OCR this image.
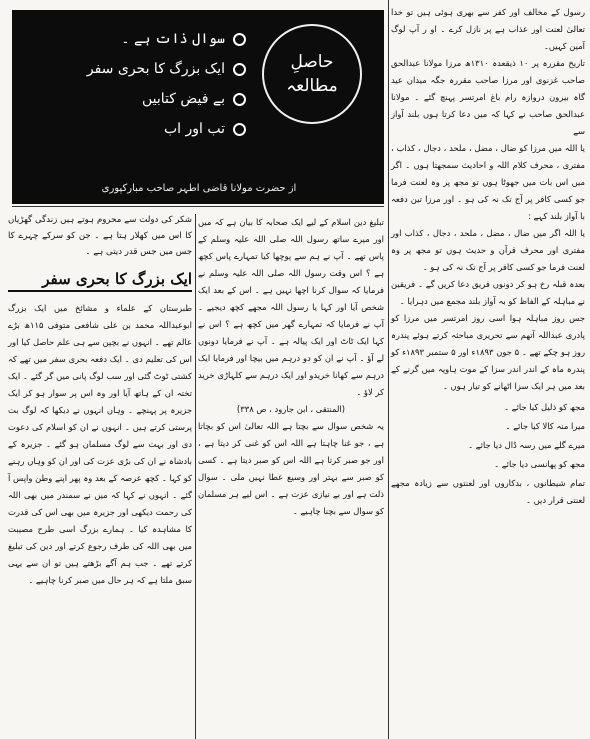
حاصلِ
مطالعہ
سوال ذات ہے ۔
ایک بزرگ کا بحری سفر
بے فیض کتابیں
تب اور اب
از حضرت مولانا قاضی اطہر صاحب مبارکپوری

رسول کے مخالف اور کفر سے بھری ہوئی ہیں تو خدا تعالیٰ لعنت اور عذاب ہے پر نازل کرے ۔ او ر آپ لوگ آمین کہیں۔

تاریخ مقررہ پر ۱۰ ذیقعدہ ۱۳۱۰ھ مرزا مولانا عبدالحق صاحب غزنوی اور مرزا صاحب مقررہ جگہ میدان عید گاہ بیرون دروازہ رام باغ امرتسر پہنچ گئے ۔ مولانا عبدالحق صاحب نے کہا کہ میں دعا کرتا ہوں بلند آواز سے

یا اللہ میں مرزا کو ضال ، مضل ، ملحد ، دجال ، کذاب ، مفتری ، محرف کلام اللہ و احادیث سمجھتا ہوں ۔ اگر میں اس بات میں جھوٹا ہوں تو مجھ پر وہ لعنت فرما جو کسی کافر پر آج تک نہ کی ہو ۔ اور مرزا تین دفعہ با آواز بلند کہے :

یا اللہ اگر میں ضال ، مضل ، ملحد ، دجال ، کذاب اور مفتری اور محرف قرآن و حدیث ہوں تو مجھ پر وہ لعنت فرما جو کسی کافر پر آج تک نہ کی ہو ۔

بعدہ قبلہ رخ ہو کر دونوں فریق دعا کریں گے ۔ فریقین نے مباہلہ کے الفاظ کو بہ آواز بلند مجمع میں دہرایا ۔

جس روز مباہلہ ہوا اسی روز امرتسر میں مرزا کو پادری عبداللہ آتھم سے تحریری مباحثہ کرتے ہوئے پندرہ روز ہو چکے تھے ۔ ۵ جون ۱۸۹۳ء اور ۵ ستمبر ۱۸۹۳ء کو پندرہ ماہ کے اندر اندر سزا کے موت ہاویہ میں گرنے کے بعد میں ہر ایک سزا اٹھانے کو تیار ہوں ۔

مجھ کو ذلیل کیا جائے ۔
میرا منہ کالا کیا جائے ۔
میرے گلے میں رسہ ڈال دیا جائے ۔
مجھ کو پھانسی دیا جائے ۔
تمام شیطانوں ، بدکاروں اور لعنتوں سے زیادہ مجھے لعنتی قرار دیں ۔

تبلیغ دین اسلام کے لیے ایک صحابہ کا بیان ہے کہ میں اور میرے ساتھ رسول اللہ صلی اللہ علیہ وسلم کے پاس تھے ۔ آپ نے ہم سے پوچھا کیا تمہارے پاس کچھ ہے ؟ اس وقت رسول اللہ صلی اللہ علیہ وسلم نے فرمایا کہ سوال کرنا اچھا نہیں ہے ۔ اس کے بعد ایک شخص آیا اور کہا یا رسول اللہ مجھے کچھ دیجیے ۔ آپ نے فرمایا کہ تمہارے گھر میں کچھ ہے ؟ اس نے کہا ایک ٹاٹ اور ایک پیالہ ہے ۔ آپ نے فرمایا دونوں لے آؤ ۔ آپ نے ان کو دو درہم میں بیچا اور فرمایا ایک درہم سے کھانا خریدو اور ایک درہم سے کلہاڑی خرید کر لاؤ ۔

(المنتقی ، ابن جارود ، ص ۳۳۸)

یہ شخص سوال سے بچتا ہے اللہ تعالیٰ اس کو بچاتا ہے ، جو غنا چاہتا ہے اللہ اس کو غنی کر دیتا ہے ، اور جو صبر کرتا ہے اللہ اس کو صبر دیتا ہے ۔ کسی کو صبر سے بہتر اور وسیع عطا نہیں ملی ۔ سوال ذلت ہے اور بے نیازی عزت ہے ۔ اس لیے ہر مسلمان کو سوال سے بچنا چاہیے ۔

شکر کی دولت سے محروم ہوتے ہیں زندگی گھڑیاں کا اس میں کھلار ہتا ہے ۔ جن کو سرکے چہرے کا جس میں جس قدر دیتی ہے ۔
ایک بزرگ کا بحری سفر

طبرستان کے علماء و مشائخ میں ایک بزرگ ابوعبداللہ محمد بن علی شافعی متوفی ۱۱۵ھ بڑے عالم تھے ۔ انہوں نے بچپن سے ہی علم حاصل کیا اور اس کی تعلیم دی ۔ ایک دفعہ بحری سفر میں تھے کہ کشتی ٹوٹ گئی اور سب لوگ پانی میں گر گئے ۔ ایک تختہ ان کے ہاتھ آیا اور وہ اس پر سوار ہو کر ایک جزیرہ پر پہنچے ۔ وہاں انہوں نے دیکھا کہ لوگ بت پرستی کرتے ہیں ۔ انہوں نے ان کو اسلام کی دعوت دی اور بہت سے لوگ مسلمان ہو گئے ۔ جزیرہ کے بادشاہ نے ان کی بڑی عزت کی اور ان کو وہاں رہنے کو کہا ۔ کچھ عرصہ کے بعد وہ پھر اپنے وطن واپس آ گئے ۔ انہوں نے کہا کہ میں نے سمندر میں بھی اللہ کی رحمت دیکھی اور جزیرہ میں بھی اس کی قدرت کا مشاہدہ کیا ۔ ہمارے بزرگ اسی طرح مصیبت میں بھی اللہ کی طرف رجوع کرتے اور دین کی تبلیغ کرتے تھے ۔ جب ہم آگے بڑھتے ہیں تو ان سے یہی سبق ملتا ہے کہ ہر حال میں صبر کرنا چاہیے ۔
